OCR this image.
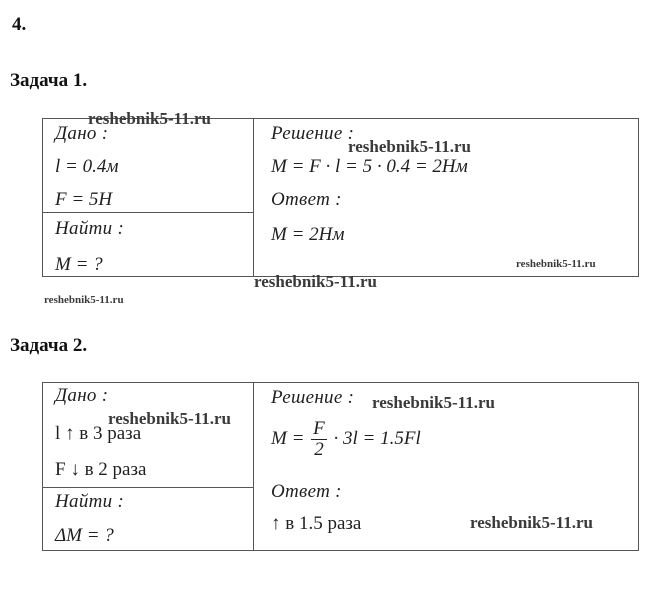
4.
Задача 1.
Дано :
l = 0.4м
F = 5H
Найти :
M = ?
Решение :
M = F · l = 5 · 0.4 = 2Hм
Ответ :
M = 2Hм
Задача 2.
Дано :
l ↑ в 3 раза
F ↓ в 2 раза
Найти :
ΔM = ?
Решение :
$M = \frac{F}{2} \cdot 3l = 1.5Fl$
Ответ :
↑ в 1.5 раза
reshebnik5-11.ru
reshebnik5-11.ru
reshebnik5-11.ru
reshebnik5-11.ru
reshebnik5-11.ru
reshebnik5-11.ru
reshebnik5-11.ru
reshebnik5-11.ru
